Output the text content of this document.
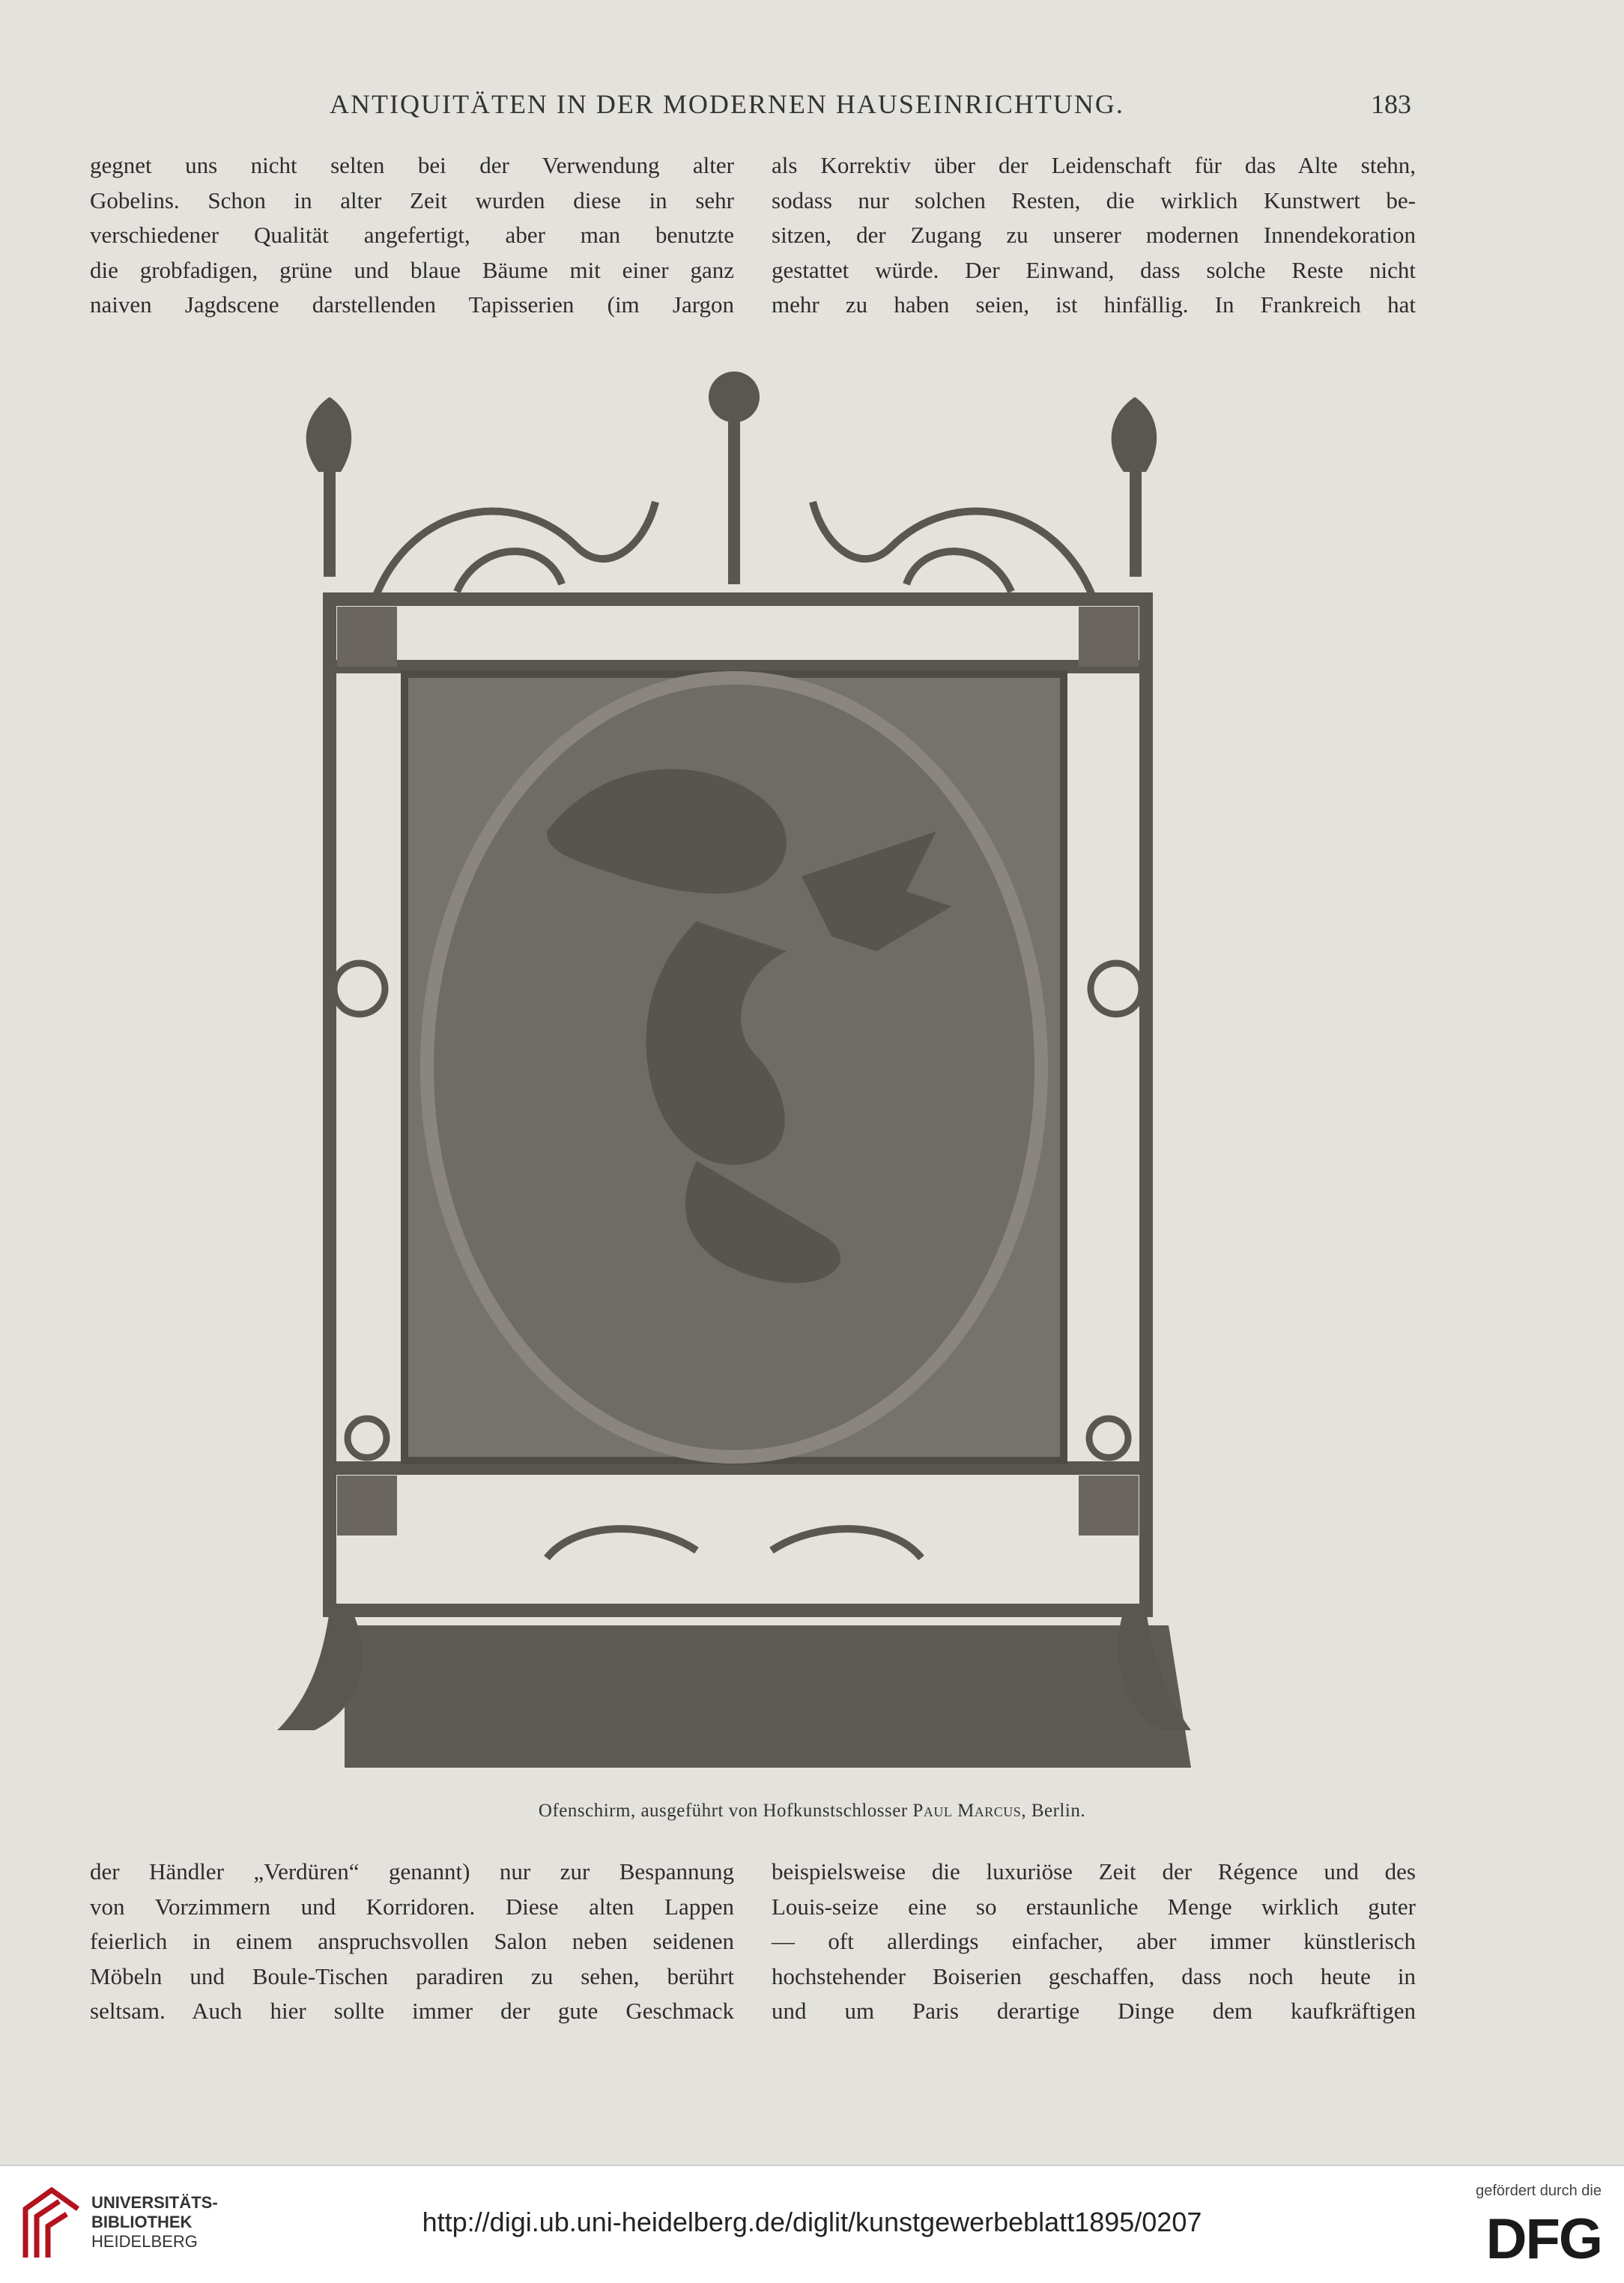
ANTIQUITÄTEN IN DER MODERNEN HAUSEINRICHTUNG.	183
gegnet uns nicht selten bei der Verwendung alter
Gobelins. Schon in alter Zeit wurden diese in sehr
verschiedener Qualität angefertigt, aber man benutzte
die grobfadigen, grüne und blaue Bäume mit einer ganz
naiven Jagdscene darstellenden Tapisserien (im Jargon
als Korrektiv über der Leidenschaft für das Alte stehn,
sodass nur solchen Resten, die wirklich Kunstwert be-
sitzen, der Zugang zu unserer modernen Innendekoration
gestattet würde. Der Einwand, dass solche Reste nicht
mehr zu haben seien, ist hinfällig. In Frankreich hat
Ofenschirm, ausgeführt von Hofkunstschlosser Paul Marcus, Berlin.
der Händler „Verdüren“ genannt) nur zur Bespannung
von Vorzimmern und Korridoren. Diese alten Lappen
feierlich in einem anspruchsvollen Salon neben seidenen
Möbeln und Boule-Tischen paradiren zu sehen, berührt
seltsam. Auch hier sollte immer der gute Geschmack
beispielsweise die luxuriöse Zeit der Régence und des
Louis-seize eine so erstaunliche Menge wirklich guter
— oft allerdings einfacher, aber immer künstlerisch
hochstehender Boiserien geschaffen, dass noch heute in
und um Paris derartige Dinge dem kaufkräftigen
UNIVERSITÄTS-
BIBLIOTHEK
HEIDELBERG
http://digi.ub.uni-heidelberg.de/diglit/kunstgewerbeblatt1895/0207
gefördert durch die
DFG
